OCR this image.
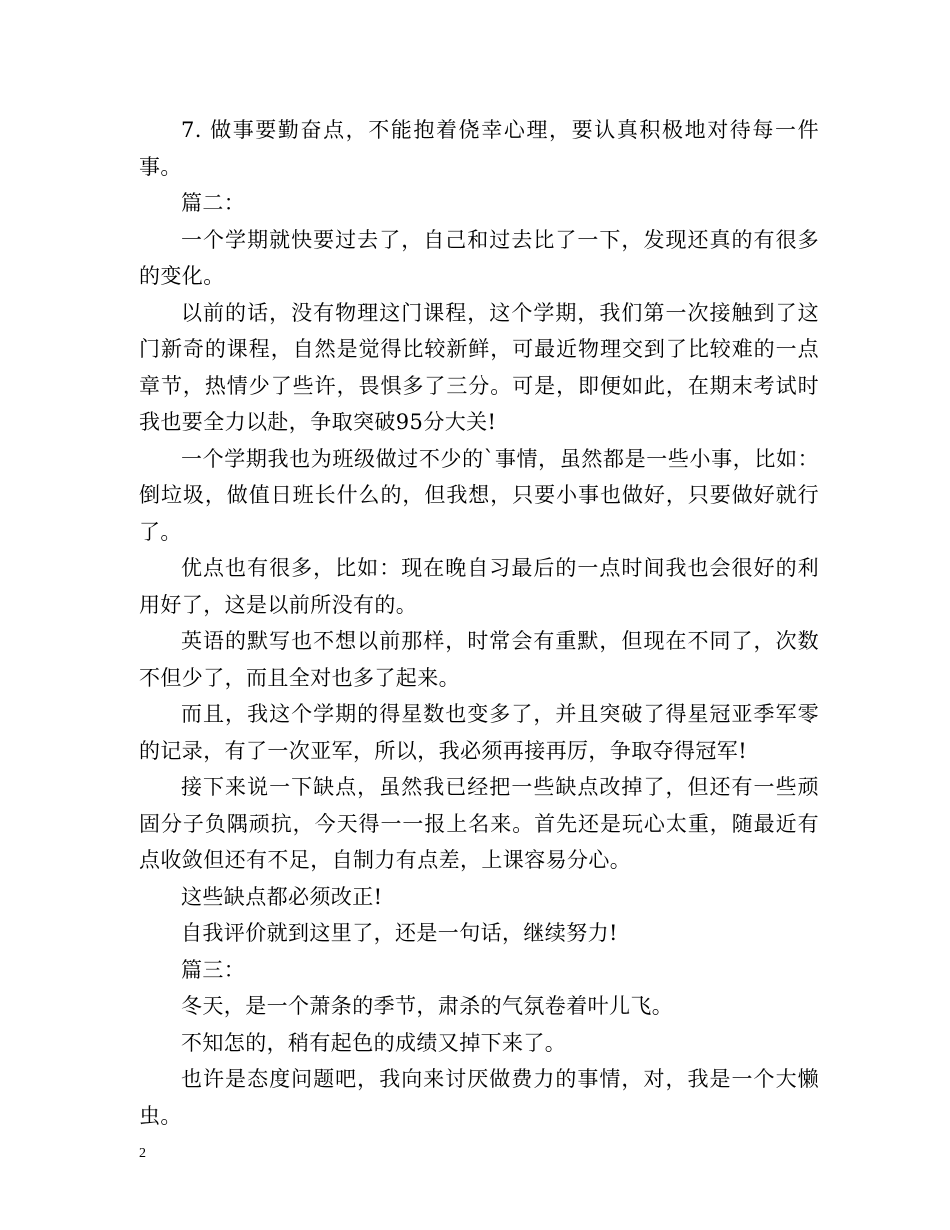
7. 做事要勤奋点，不能抱着侥幸心理，要认真积极地对待每一件事。

篇二：

一个学期就快要过去了，自己和过去比了一下，发现还真的有很多的变化。

以前的话，没有物理这门课程，这个学期，我们第一次接触到了这门新奇的课程，自然是觉得比较新鲜，可最近物理交到了比较难的一点章节，热情少了些许，畏惧多了三分。可是，即便如此，在期末考试时我也要全力以赴，争取突破95分大关!

一个学期我也为班级做过不少的`事情，虽然都是一些小事，比如：倒垃圾，做值日班长什么的，但我想，只要小事也做好，只要做好就行了。

优点也有很多，比如：现在晚自习最后的一点时间我也会很好的利用好了，这是以前所没有的。

英语的默写也不想以前那样，时常会有重默，但现在不同了，次数不但少了，而且全对也多了起来。

而且，我这个学期的得星数也变多了，并且突破了得星冠亚季军零的记录，有了一次亚军，所以，我必须再接再厉，争取夺得冠军!

接下来说一下缺点，虽然我已经把一些缺点改掉了，但还有一些顽固分子负隅顽抗，今天得一一报上名来。首先还是玩心太重，随最近有点收敛但还有不足，自制力有点差，上课容易分心。

这些缺点都必须改正!

自我评价就到这里了，还是一句话，继续努力!

篇三：

冬天，是一个萧条的季节，肃杀的气氛卷着叶儿飞。

不知怎的，稍有起色的成绩又掉下来了。

也许是态度问题吧，我向来讨厌做费力的事情，对，我是一个大懒虫。

2
